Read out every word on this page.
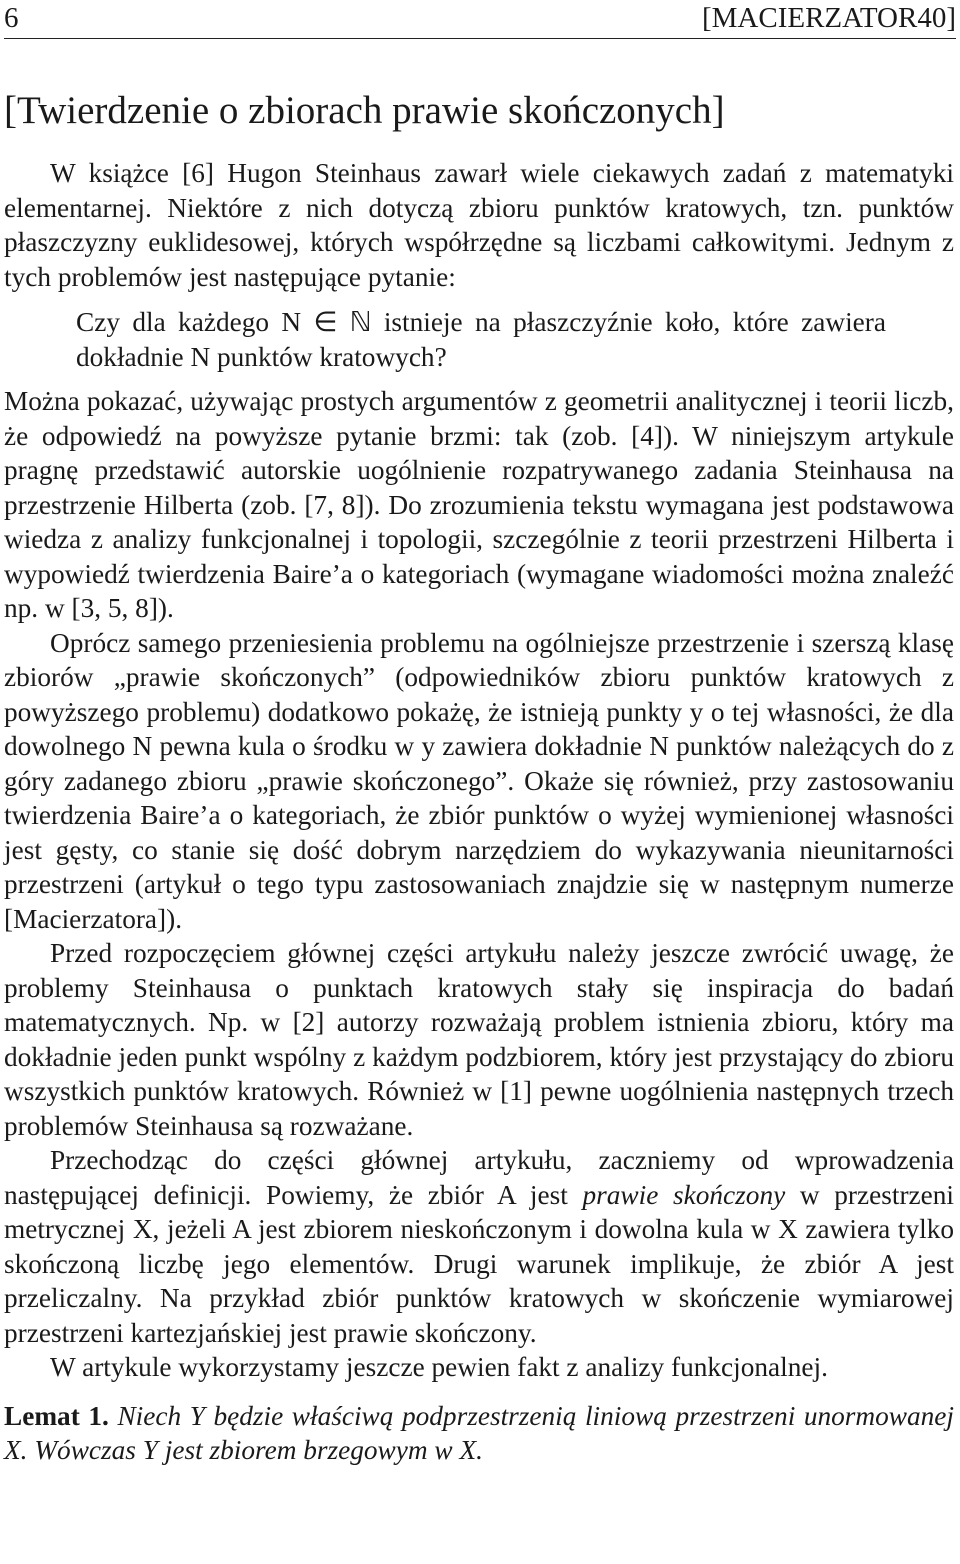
6	[MACIERZATOR40]
[Twierdzenie o zbiorach prawie skończonych]

W książce [6] Hugon Steinhaus zawarł wiele ciekawych zadań z matematyki elementarnej. Niektóre z nich dotyczą zbioru punktów kratowych, tzn. punktów płaszczyzny euklidesowej, których współrzędne są liczbami całkowitymi. Jednym z tych problemów jest następujące pytanie:

Czy dla każdego N ∈ ℕ istnieje na płaszczyźnie koło, które zawiera dokładnie N punktów kratowych?

Można pokazać, używając prostych argumentów z geometrii analitycznej i teorii liczb, że odpowiedź na powyższe pytanie brzmi: tak (zob. [4]). W niniejszym artykule pragnę przedstawić autorskie uogólnienie rozpatrywanego zadania Steinhausa na przestrzenie Hilberta (zob. [7, 8]). Do zrozumienia tekstu wymagana jest podstawowa wiedza z analizy funkcjonalnej i topologii, szczególnie z teorii przestrzeni Hilberta i wypowiedź twierdzenia Baire’a o kategoriach (wymagane wiadomości można znaleźć np. w [3, 5, 8]).

Oprócz samego przeniesienia problemu na ogólniejsze przestrzenie i szerszą klasę zbiorów „prawie skończonych” (odpowiedników zbioru punktów kratowych z powyższego problemu) dodatkowo pokażę, że istnieją punkty y o tej własności, że dla dowolnego N pewna kula o środku w y zawiera dokładnie N punktów należących do z góry zadanego zbioru „prawie skończonego”. Okaże się również, przy zastosowaniu twierdzenia Baire’a o kategoriach, że zbiór punktów o wyżej wymienionej własności jest gęsty, co stanie się dość dobrym narzędziem do wykazywania nieunitarności przestrzeni (artykuł o tego typu zastosowaniach znajdzie się w następnym numerze [Macierzatora]).

Przed rozpoczęciem głównej części artykułu należy jeszcze zwrócić uwagę, że problemy Steinhausa o punktach kratowych stały się inspiracja do badań matematycznych. Np. w [2] autorzy rozważają problem istnienia zbioru, który ma dokładnie jeden punkt wspólny z każdym podzbiorem, który jest przystający do zbioru wszystkich punktów kratowych. Również w [1] pewne uogólnienia następnych trzech problemów Steinhausa są rozważane.

Przechodząc do części głównej artykułu, zaczniemy od wprowadzenia następującej definicji. Powiemy, że zbiór A jest prawie skończony w przestrzeni metrycznej X, jeżeli A jest zbiorem nieskończonym i dowolna kula w X zawiera tylko skończoną liczbę jego elementów. Drugi warunek implikuje, że zbiór A jest przeliczalny. Na przykład zbiór punktów kratowych w skończenie wymiarowej przestrzeni kartezjańskiej jest prawie skończony.

W artykule wykorzystamy jeszcze pewien fakt z analizy funkcjonalnej.

Lemat 1. Niech Y będzie właściwą podprzestrzenią liniową przestrzeni unormowanej X. Wówczas Y jest zbiorem brzegowym w X.
